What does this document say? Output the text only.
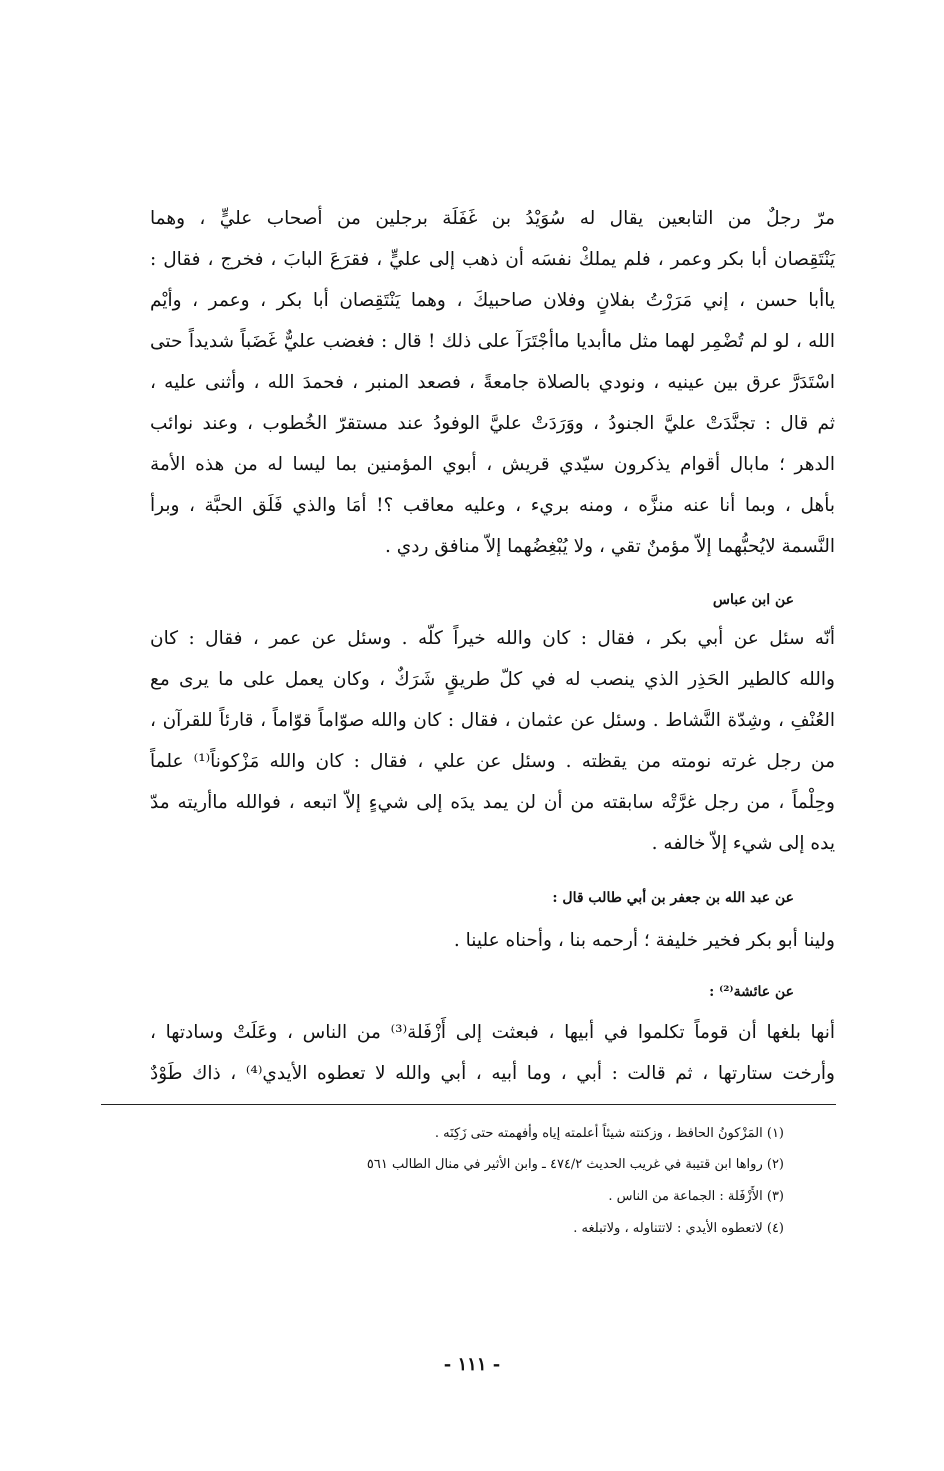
مرّ رجلٌ من التابعين يقال له سُوَيْدُ بن غَفَلَة برجلين من أصحاب عليٍّ ، وهما
يَنْتَقِصان أبا بكر وعمر ، فلم يملكْ نفسَه أن ذهب إلى عليٍّ ، فقرَعَ البابَ ، فخرج ، فقال :
ياأبا حسن ، إني مَرَرْتُ بفلانٍ وفلان صاحبيكَ ، وهما يَنْتَقِصان أبا بكر ، وعمر ، وأيْم
الله ، لو لم تُضْمِر لهما مثل ماأبديا ماأجْتَرَآ على ذلك ! قال : فغضب عليٌّ غَضَباً شديداً حتى
اسْتَدَرَّ عرق بين عينيه ، ونودي بالصلاة جامعةً ، فصعد المنبر ، فحمدَ الله ، وأثنى عليه ،
ثم قال : تجنَّدَتْ عليَّ الجنودُ ، ووَرَدَتْ عليَّ الوفودُ عند مستقرّ الخُطوب ، وعند نوائب
الدهر ؛ مابال أقوام يذكرون سيّدي قريش ، أبوي المؤمنين بما ليسا له من هذه الأمة
بأهل ، وبما أنا عنه منزَّه ، ومنه بريء ، وعليه معاقب ؟! أمَا والذي فَلَق الحبَّة ، وبرأ
النَّسمة لايُحبُّهما إلاّ مؤمنٌ تقي ، ولا يُبْغِضُهما إلاّ منافق ردي .
عن ابن عباس
أنّه سئل عن أبي بكر ، فقال : كان والله خيراً كلّه . وسئل عن عمر ، فقال : كان
والله كالطير الحَذِر الذي ينصب له في كلّ طريقٍ شَرَكٌ ، وكان يعمل على ما يرى مع
العُنْفِ ، وشِدّة النَّشاط . وسئل عن عثمان ، فقال : كان والله صوّاماً قوّاماً ، قارئاً للقرآن ،
من رجل غرته نومته من يقظته . وسئل عن علي ، فقال : كان والله مَزْكوناً⁽¹⁾ علماً
وحِلْماً ، من رجل غرَّتْه سابقته من أن لن يمد يدَه إلى شيءٍ إلاّ اتبعه ، فوالله ماأريته مدّ
يده إلى شيء إلاّ خالفه .
عن عبد الله بن جعفر بن أبي طالب قال :
ولينا أبو بكر فخير خليفة ؛ أرحمه بنا ، وأحناه علينا .
عن عائشة⁽²⁾ :
أنها بلغها أن قوماً تكلموا في أبيها ، فبعثت إلى أَزْفَلة⁽³⁾ من الناس ، وعَلَتْ وسادتها ،
وأرخت ستارتها ، ثم قالت : أبي ، وما أبيه ، أبي والله لا تعطوه الأيدي⁽⁴⁾ ، ذاك طَوْدٌ
(١) المَزْكونُ الحافظ ، وزكنته شيئاً أعلمته إياه وأفهمته حتى زَكِنَه .
(٢) رواها ابن قتيبة في غريب الحديث ٤٧٤/٢ ـ وابن الأثير في منال الطالب ٥٦١
(٣) الأَزْفَلة : الجماعة من الناس .
(٤) لاتعطوه الأيدي : لاتتناوله ، ولاتبلغه .
- ١١١ -
